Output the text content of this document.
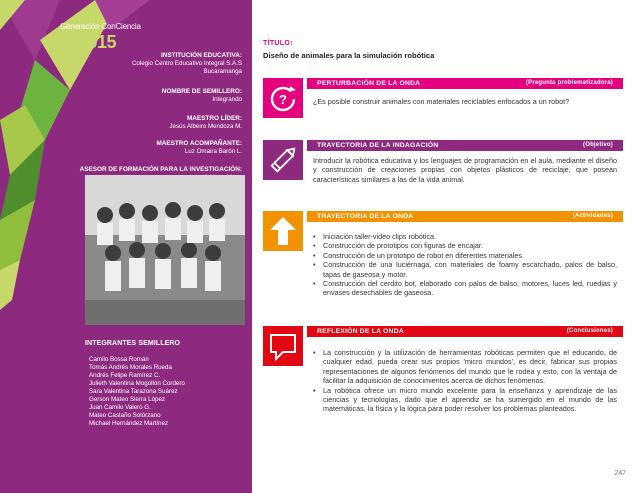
Generación ConCiencia
2015
INSTITUCIÓN EDUCATIVA:
Colegio Centro Educativo Integral S.A.S
Bucaramanga
NOMBRE DE SEMILLERO:
Integrando
MAESTRO LÍDER:
Jesús Albeiro Mendoza M.
MAESTRO ACOMPAÑANTE:
Luz Omaira Barón L.
ASESOR DE FORMACIÓN PARA LA INVESTIGACIÓN:
INTEGRANTES SEMILLERO
Camilo Bossa Román
Tomás Andrés Morales Rueda
Andrés Felipe Ramírez C.
Julieth Valentina Mogollón Cordero
Sara Valentina Tarazona Suárez
Gerson Mateo Sierra López
Juan Camilo Valero G.
Mateo Castaño Solórzano
Michael Hernández Martínez
TÍTULO:
Diseño de animales para la simulación robótica
?
PERTURBACIÓN DE LA ONDA	(Pregunta problematizadora)
¿Es posible construir animales con materiales reciclables enfocados a un robot?
TRAYECTORIA DE LA INDAGACIÓN	(Objetivo)
Introducir la robótica educativa y los lenguajes de programación en el aula, mediante el diseño y construcción de creaciones propias con objetos plásticos de reciclaje, que posean características similares a las de la vida animal.
TRAYECTORIA DE LA ONDA	(Actividades)
• Iniciación taller-video clips robótica.
• Construcción de prototipos con figuras de encajar.
• Construcción de un prototipo de robot en diferentes materiales.
• Construcción de una luciérnaga, con materiales de foamy escarchado, palos de balso, tapas de gaseosa y motor.
• Construcción del cerdito bot, elaborado con palos de balso, motores, luces led, ruedias y envases desechables de gaseosa.
REFLEXIÓN DE LA ONDA	(Conclusiones)
• La construcción y la utilización de herramientas robóticas permiten que el educando, de cualquier edad, pueda crear sus propios 'micro mundos', es decir, fabricar sus propias representaciones de algunos fenómenos del mundo que le rodea y esto, con la ventaja de facilitar la adquisición de conocimientos acerca de dichos fenómenos.
• La robótica ofrece un micro mundo excelente para la enseñanza y aprendizaje de las ciencias y tecnologías, dado que el aprendiz se ha sumergido en el mundo de las matemáticas, la física y la lógica para poder resolver los problemas planteados.
247
